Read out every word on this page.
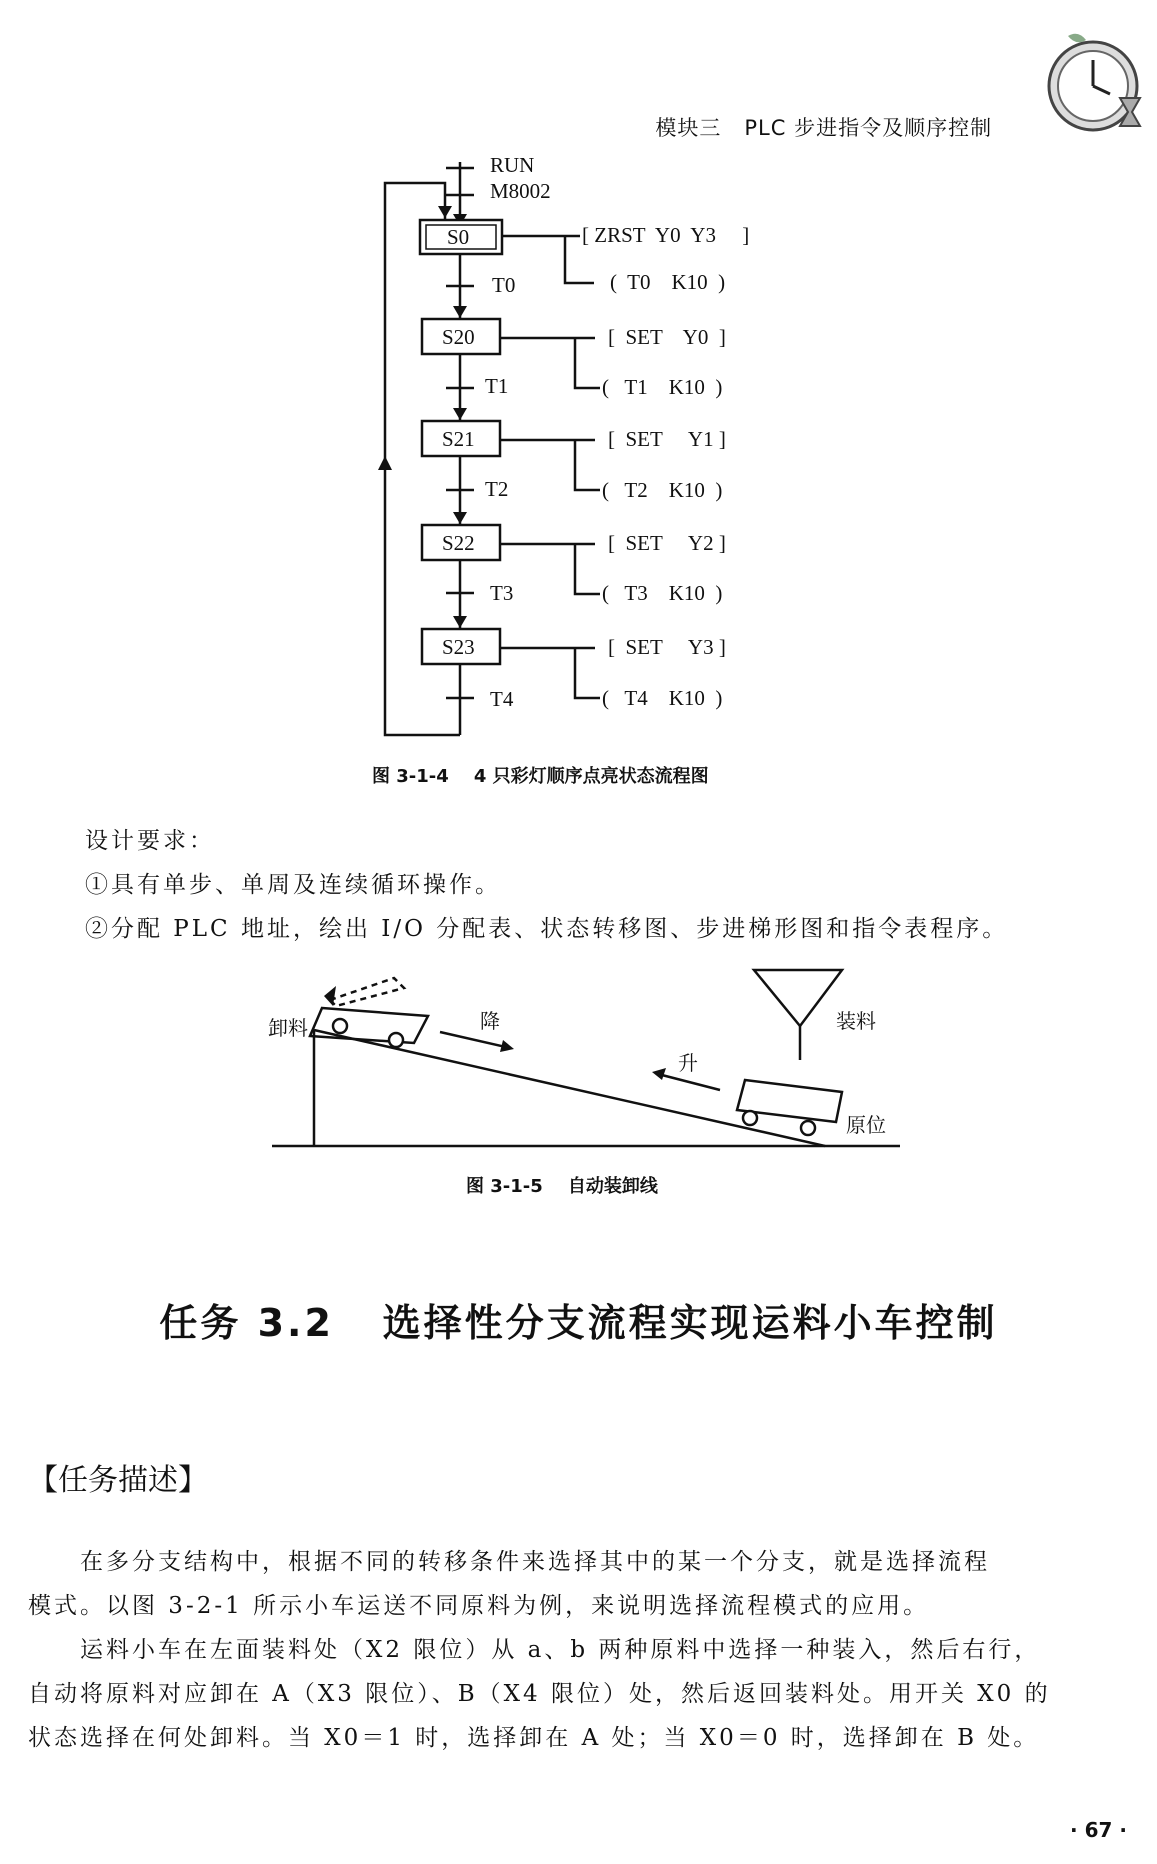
模块三 PLC 步进指令及顺序控制

RUN
M8002
S0
S20
S21
S22
S23
T0
T1
T2
T3
T4
[ ZRST  Y0  Y3     ]
(  T0    K10  )
[  SET    Y0  ]
(   T1    K10  )
[  SET     Y1 ]
(   T2    K10  )
[  SET     Y2 ]
(   T3    K10  )
[  SET     Y3 ]
(   T4    K10  )
图 3-1-4    4 只彩灯顺序点亮状态流程图
设计要求：
①具有单步、单周及连续循环操作。
②分配 PLC 地址，绘出 I/O 分配表、状态转移图、步进梯形图和指令表程序。
卸料	降
升
装料
原位
图 3-1-5    自动装卸线
任务 3.2   选择性分支流程实现运料小车控制
【任务描述】
　　在多分支结构中，根据不同的转移条件来选择其中的某一个分支，就是选择流程
模式。以图 3-2-1 所示小车运送不同原料为例，来说明选择流程模式的应用。
　　运料小车在左面装料处（X2 限位）从 a、b 两种原料中选择一种装入，然后右行，
自动将原料对应卸在 A（X3 限位）、B（X4 限位）处，然后返回装料处。用开关 X0 的
状态选择在何处卸料。当 X0＝1 时，选择卸在 A 处；当 X0＝0 时，选择卸在 B 处。
· 67 ·
